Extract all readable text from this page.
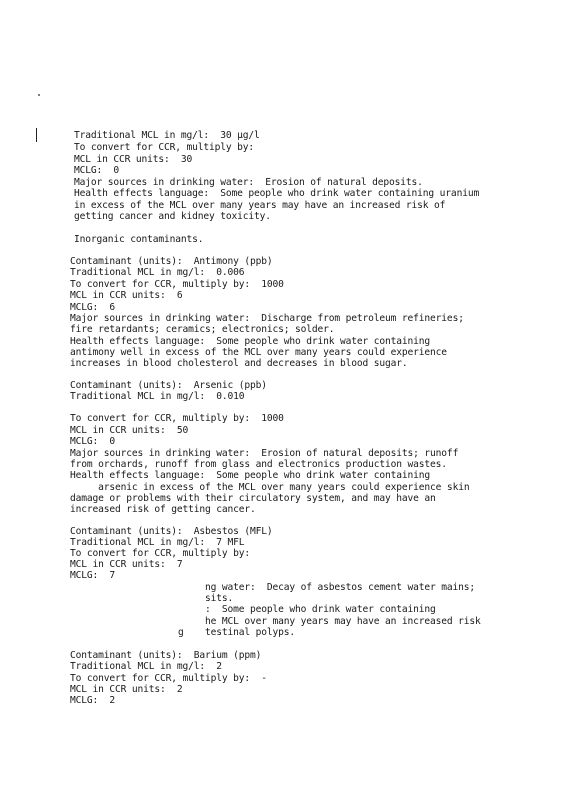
Traditional MCL in mg/l:  30 µg/l
To convert for CCR, multiply by:
MCL in CCR units:  30
MCLG:  0
Major sources in drinking water:  Erosion of natural deposits.
Health effects language:  Some people who drink water containing uranium
in excess of the MCL over many years may have an increased risk of
getting cancer and kidney toxicity.
Inorganic contaminants.
Contaminant (units):  Antimony (ppb)
Traditional MCL in mg/l:  0.006
To convert for CCR, multiply by:  1000
MCL in CCR units:  6
MCLG:  6
Major sources in drinking water:  Discharge from petroleum refineries;
fire retardants; ceramics; electronics; solder.
Health effects language:  Some people who drink water containing
antimony well in excess of the MCL over many years could experience
increases in blood cholesterol and decreases in blood sugar.
Contaminant (units):  Arsenic (ppb)
Traditional MCL in mg/l:  0.010
To convert for CCR, multiply by:  1000
MCL in CCR units:  50
MCLG:  0
Major sources in drinking water:  Erosion of natural deposits; runoff
from orchards, runoff from glass and electronics production wastes.
Health effects language:  Some people who drink water containing
arsenic in excess of the MCL over many years could experience skin
damage or problems with their circulatory system, and may have an
increased risk of getting cancer.
Contaminant (units):  Asbestos (MFL)
Traditional MCL in mg/l:  7 MFL
To convert for CCR, multiply by:
MCL in CCR units:  7
MCLG:  7
ng water:  Decay of asbestos cement water mains;
sits.
:  Some people who drink water containing
he MCL over many years may have an increased risk
g testinal polyps.
Contaminant (units):  Barium (ppm)
Traditional MCL in mg/l:  2
To convert for CCR, multiply by:  -
MCL in CCR units:  2
MCLG:  2
